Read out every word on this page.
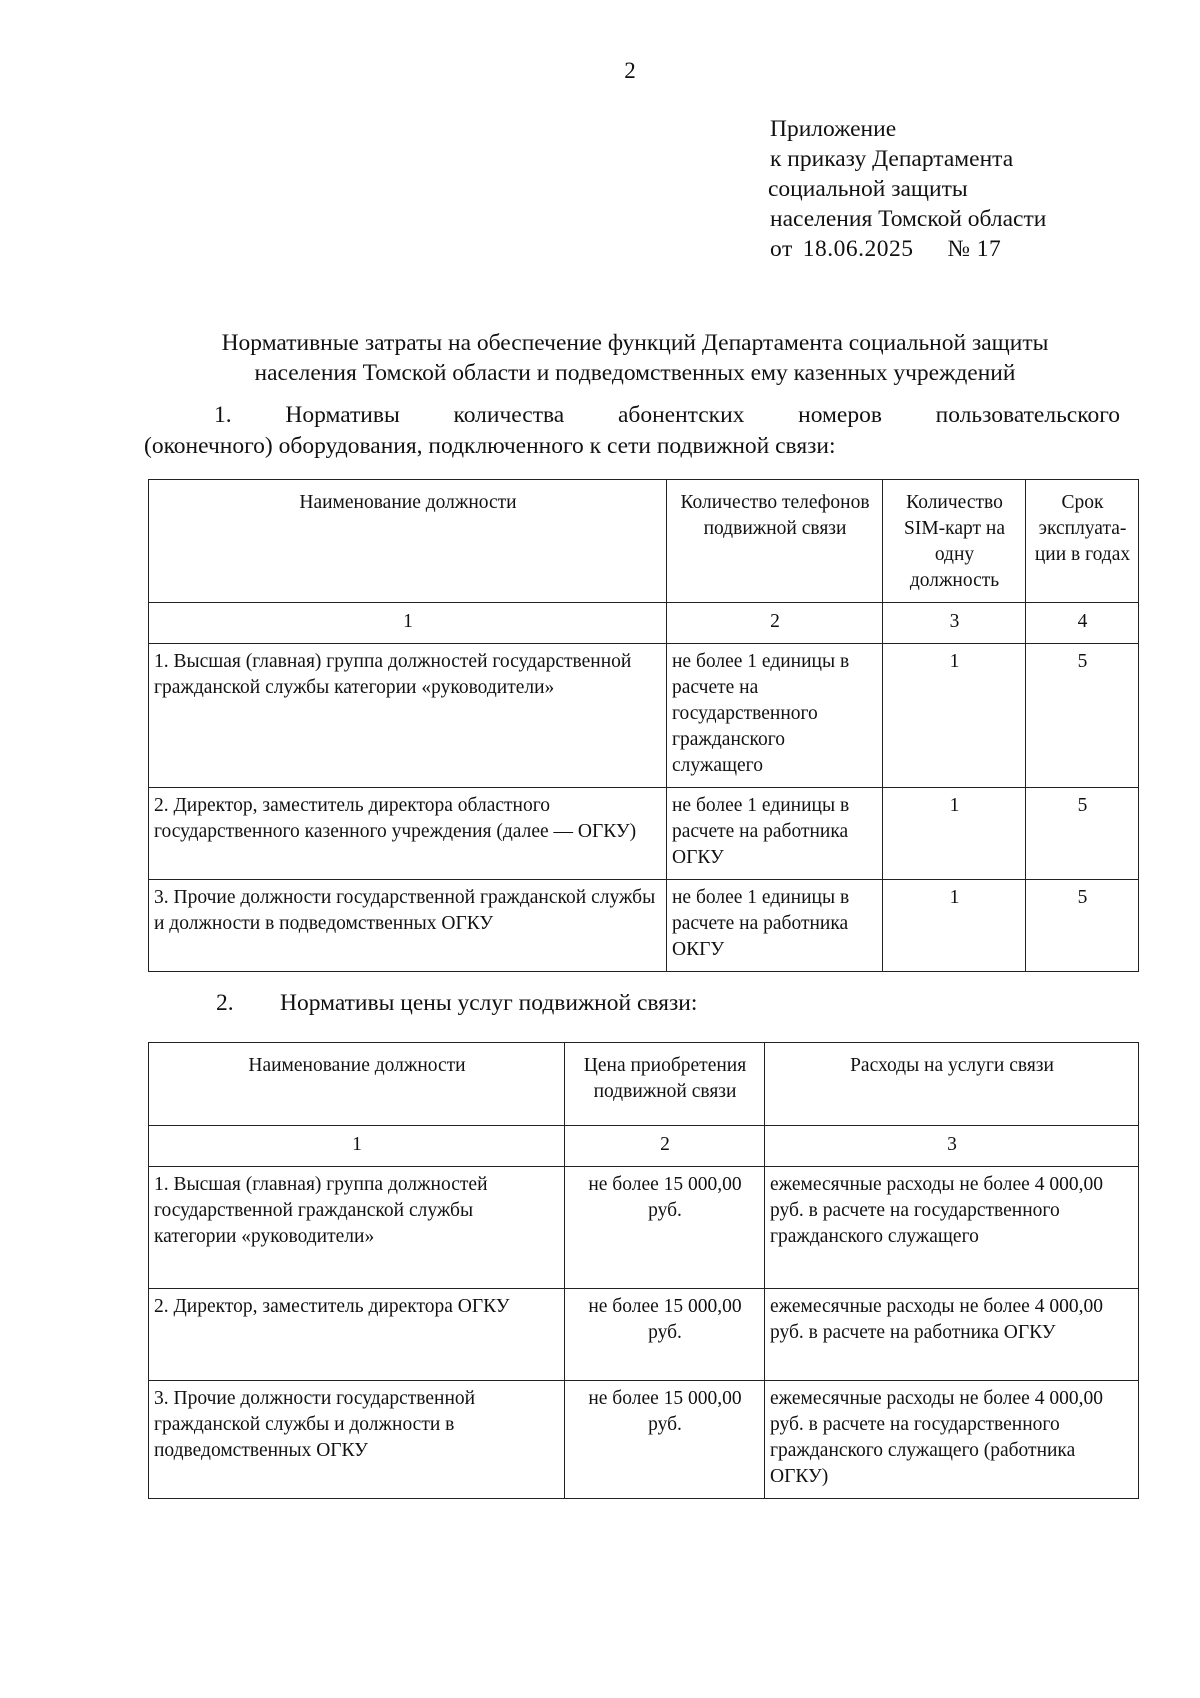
2
Приложение
к приказу Департамента
социальной защиты
населения Томской области
от 18.06.2025 № 17
Нормативные затраты на обеспечение функций Департамента социальной защиты
населения Томской области и подведомственных ему казенных учреждений
1. Нормативы количества абонентских номеров пользовательского
(оконечного) оборудования, подключенного к сети подвижной связи:
Наименование должности	Количество телефонов подвижной связи	Количество SIM-карт на одну должность	Срок эксплуата-ции в годах
1	2	3	4
1. Высшая (главная) группа должностей государственной гражданской службы категории «руководители»	не более 1 единицы в расчете на государственного гражданского служащего	1	5
2. Директор, заместитель директора областного государственного казенного учреждения (далее — ОГКУ)	не более 1 единицы в расчете на работника ОГКУ	1	5
3. Прочие должности государственной гражданской службы и должности в подведомственных ОГКУ	не более 1 единицы в расчете на работника ОКГУ	1	5
2. Нормативы цены услуг подвижной связи:
Наименование должности	Цена приобретения подвижной связи	Расходы на услуги связи
1	2	3
1. Высшая (главная) группа должностей государственной гражданской службы категории «руководители»	не более 15 000,00 руб.	ежемесячные расходы не более 4 000,00 руб. в расчете на государственного гражданского служащего
2. Директор, заместитель директора ОГКУ	не более 15 000,00 руб.	ежемесячные расходы не более 4 000,00 руб. в расчете на работника ОГКУ
3. Прочие должности государственной гражданской службы и должности в подведомственных ОГКУ	не более 15 000,00 руб.	ежемесячные расходы не более 4 000,00 руб. в расчете на государственного гражданского служащего (работника ОГКУ)
